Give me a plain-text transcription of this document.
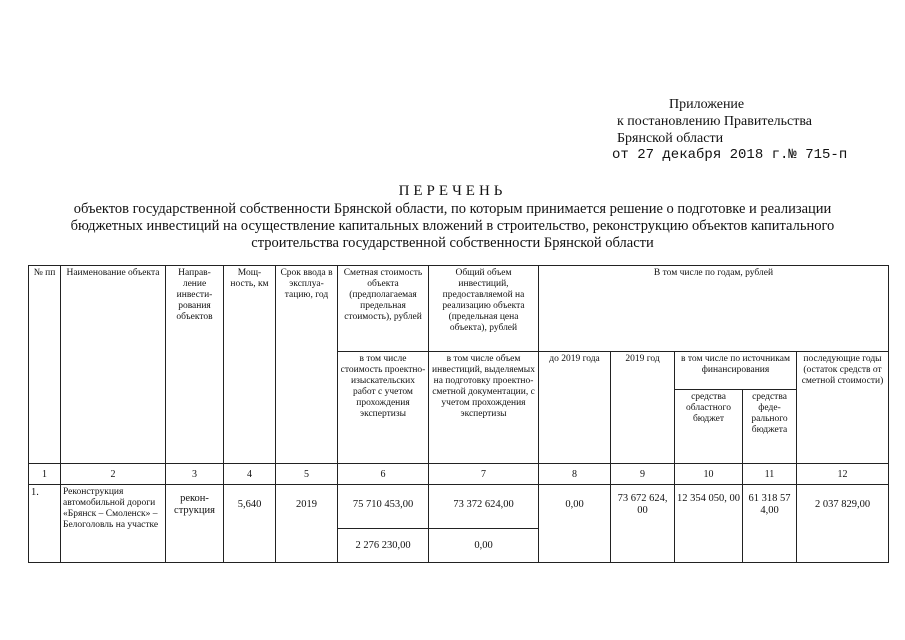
Приложение
к постановлению Правительства
Брянской области
от 27 декабря 2018 г.№ 715-п
ПЕРЕЧЕНЬ
объектов государственной собственности Брянской области, по которым принимается решение о подготовке и реализации
бюджетных инвестиций на осуществление капитальных вложений в строительство, реконструкцию объектов капитального
строительства государственной собственности Брянской области
№ пп	Наименование объекта	Направ-ление инвести-рования объектов	Мощ-ность, км	Срок ввода в эксплуа-тацию, год	Сметная стоимость объекта (предполагаемая предельная стоимость), рублей	Общий объем инвестиций, предоставляемой на реализацию объекта (предельная цена объекта), рублей	В том числе по годам, рублей				
					в том числе стоимость проектно-изыскательских работ с учетом прохождения экспертизы	в том числе объем инвестиций, выделяемых на подготовку проектно-сметной документации, с учетом прохождения экспертизы	до 2019 года	2019 год	в том числе по источникам финансирования		последующие годы (остаток средств от сметной стоимости)
									средства областного бюджет	средства феде-рального бюджета	
1	2	3	4	5	6	7	8	9	10	11	12
1.	Реконструкция автомобильной дороги «Брянск – Смоленск» – Белоголовль на участке	рекон-струкция	5,640	2019	75 710 453,00	73 372 624,00	0,00	73 672 624, 00	12 354 050, 00	61 318 57 4,00	2 037 829,00
					2 276 230,00	0,00					
